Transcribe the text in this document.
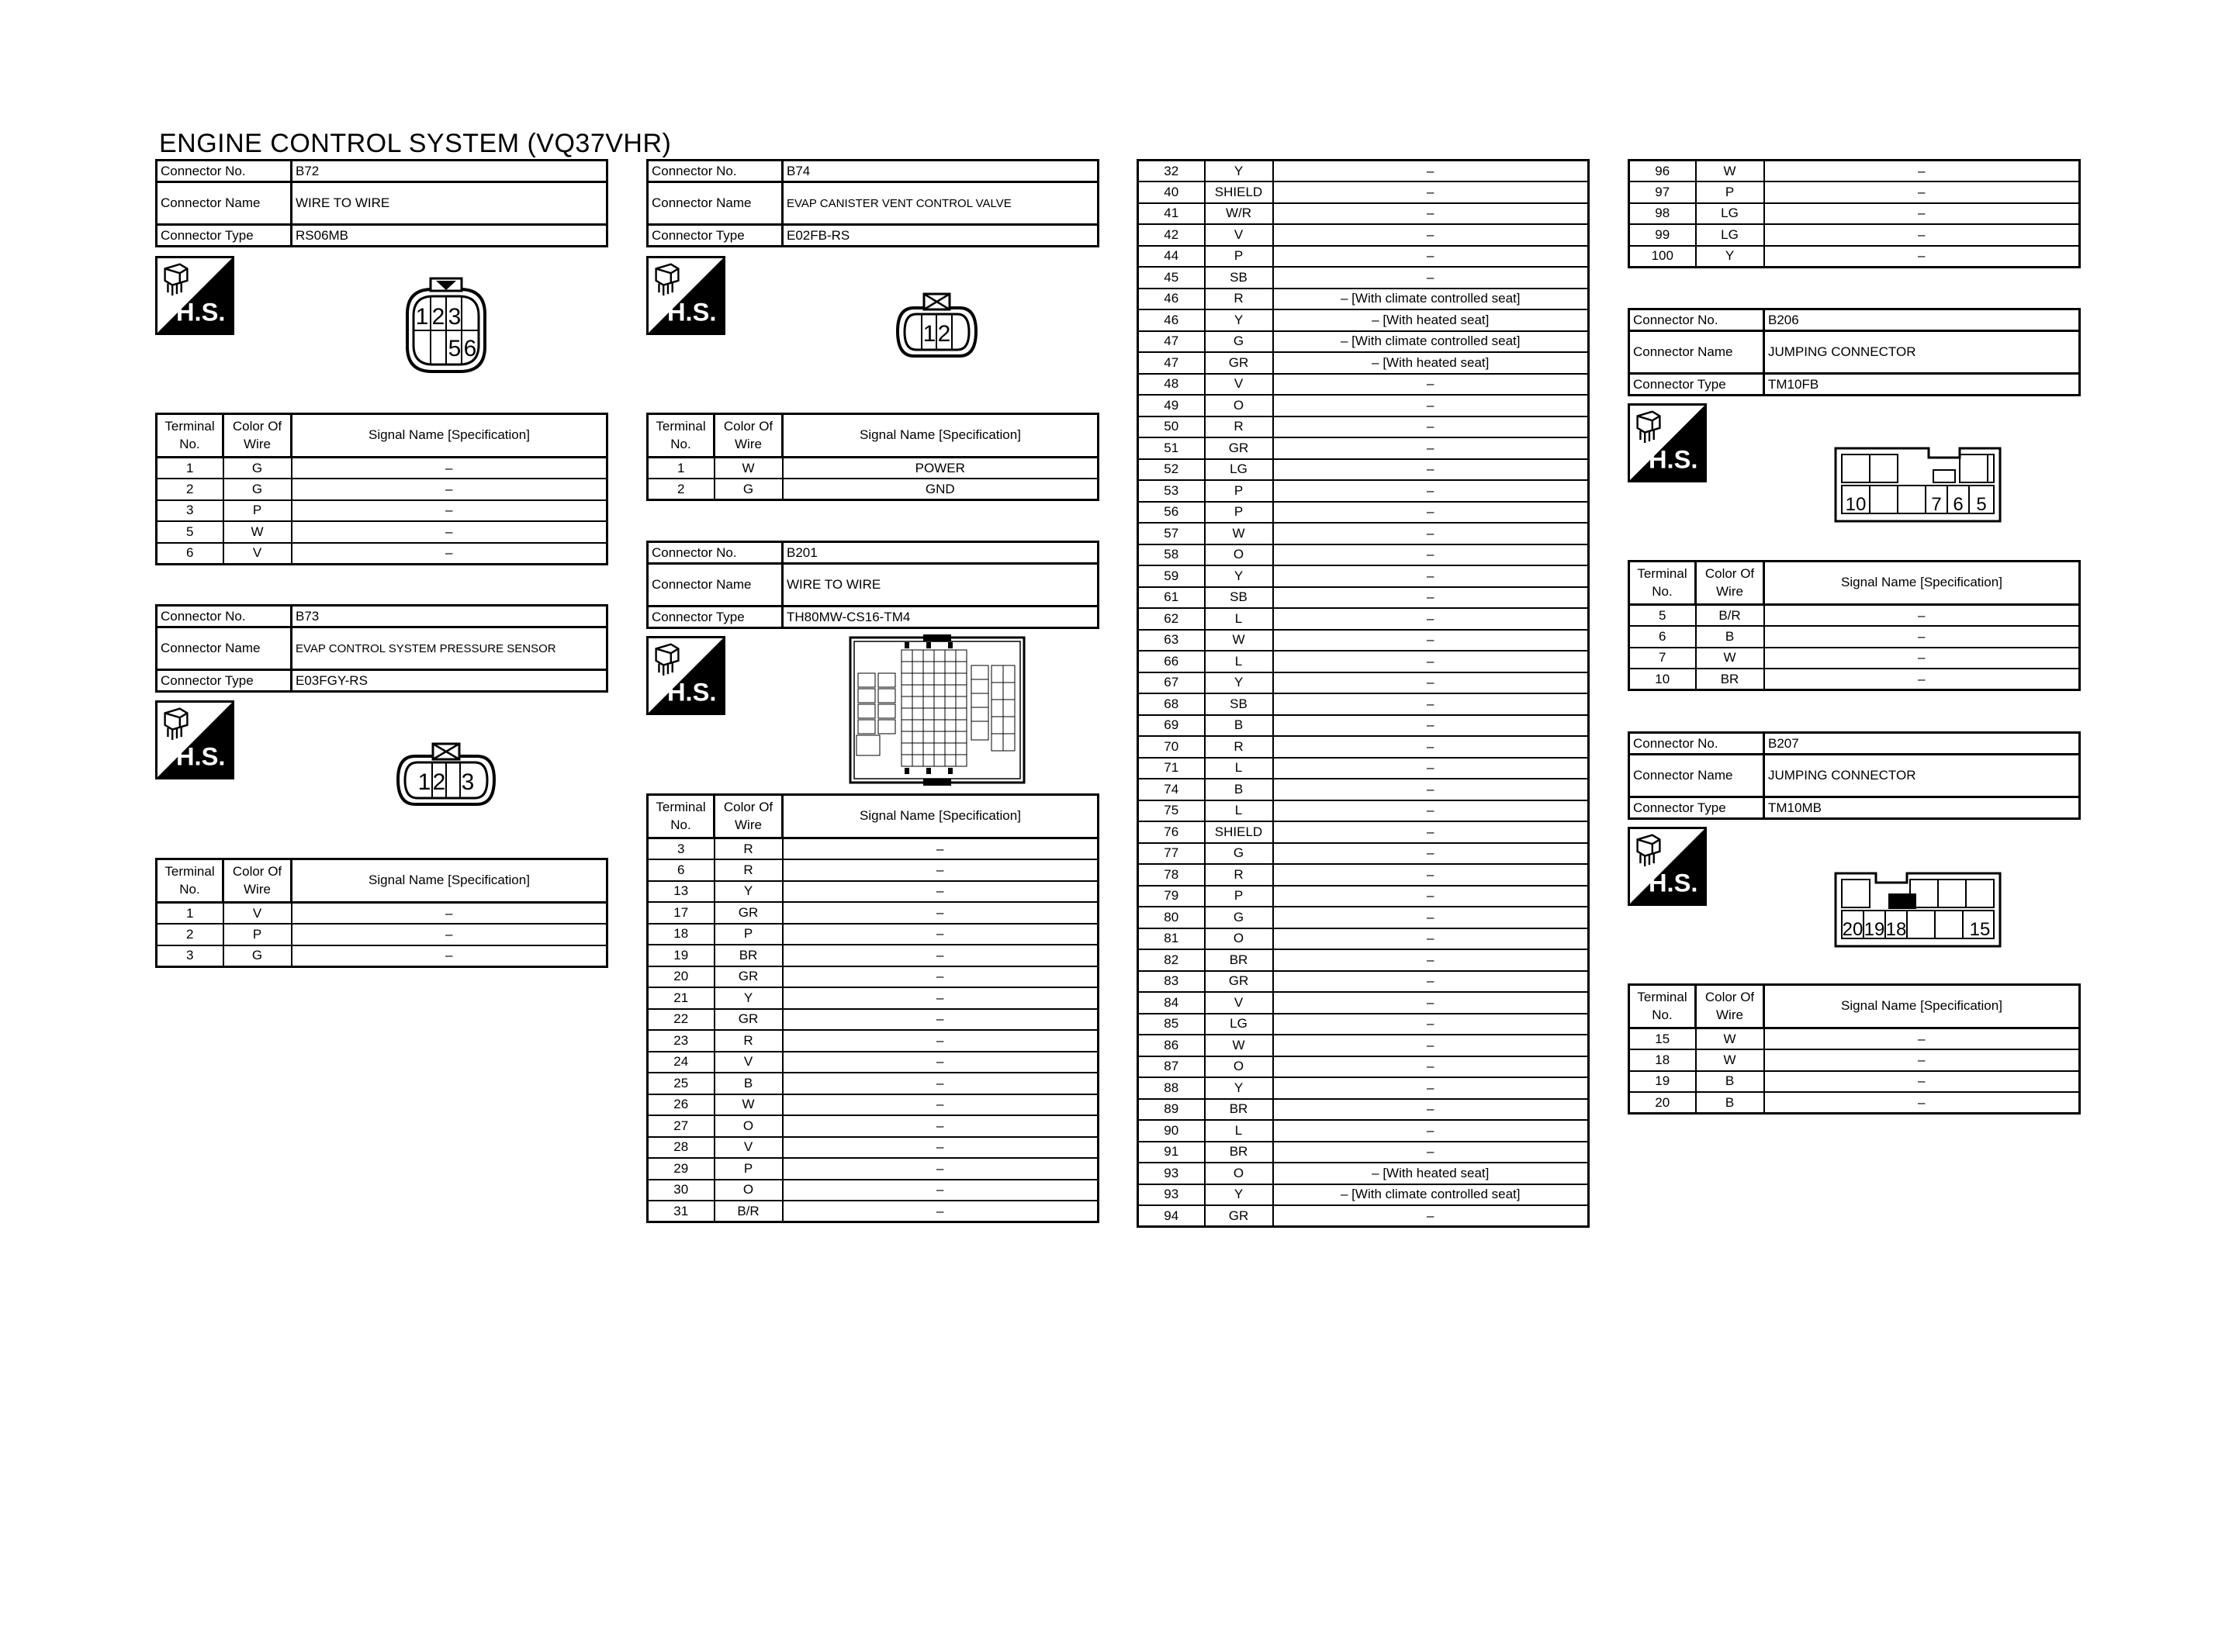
ENGINE CONTROL SYSTEM (VQ37VHR)
Connector No.	B72
Connector Name	WIRE TO WIRE
Connector Type	RS06MB
H.S.	1 2 3
5 6
Terminal No.	Color Of Wire	Signal Name [Specification]
1	G	–
2	G	–
3	P	–
5	W	–
6	V	–
Connector No.	B73
Connector Name	EVAP CONTROL SYSTEM PRESSURE SENSOR
Connector Type	E03FGY-RS
H.S.
1 2 3
Terminal No.	Color Of Wire	Signal Name [Specification]
1	V	–
2	P	–
3	G	–
Connector No.	B74
Connector Name	EVAP CANISTER VENT CONTROL VALVE
Connector Type	E02FB-RS
H.S.
1 2
Terminal No.	Color Of Wire	Signal Name [Specification]
1	W	POWER
2	G	GND
Connector No.	B201
Connector Name	WIRE TO WIRE
Connector Type	TH80MW-CS16-TM4
H.S.
Terminal No.	Color Of Wire	Signal Name [Specification]
3	R	–
6	R	–
13	Y	–
17	GR	–
18	P	–
19	BR	–
20	GR	–
21	Y	–
22	GR	–
23	R	–
24	V	–
25	B	–
26	W	–
27	O	–
28	V	–
29	P	–
30	O	–
31	B/R	–
32	Y	–
40	SHIELD	–
41	W/R	–
42	V	–
44	P	–
45	SB	–
46	R	– [With climate controlled seat]
46	Y	– [With heated seat]
47	G	– [With climate controlled seat]
47	GR	– [With heated seat]
48	V	–
49	O	–
50	R	–
51	GR	–
52	LG	–
53	P	–
56	P	–
57	W	–
58	O	–
59	Y	–
61	SB	–
62	L	–
63	W	–
66	L	–
67	Y	–
68	SB	–
69	B	–
70	R	–
71	L	–
74	B	–
75	L	–
76	SHIELD	–
77	G	–
78	R	–
79	P	–
80	G	–
81	O	–
82	BR	–
83	GR	–
84	V	–
85	LG	–
86	W	–
87	O	–
88	Y	–
89	BR	–
90	L	–
91	BR	–
93	O	– [With heated seat]
93	Y	– [With climate controlled seat]
94	GR	–
96	W	–
97	P	–
98	LG	–
99	LG	–
100	Y	–
Connector No.	B206
Connector Name	JUMPING CONNECTOR
Connector Type	TM10FB
H.S.
10	7 6 5
Terminal No.	Color Of Wire	Signal Name [Specification]
5	B/R	–
6	B	–
7	W	–
10	BR	–
Connector No.	B207
Connector Name	JUMPING CONNECTOR
Connector Type	TM10MB
H.S.
20 19 18	15
Terminal No.	Color Of Wire	Signal Name [Specification]
15	W	–
18	W	–
19	B	–
20	B	–
